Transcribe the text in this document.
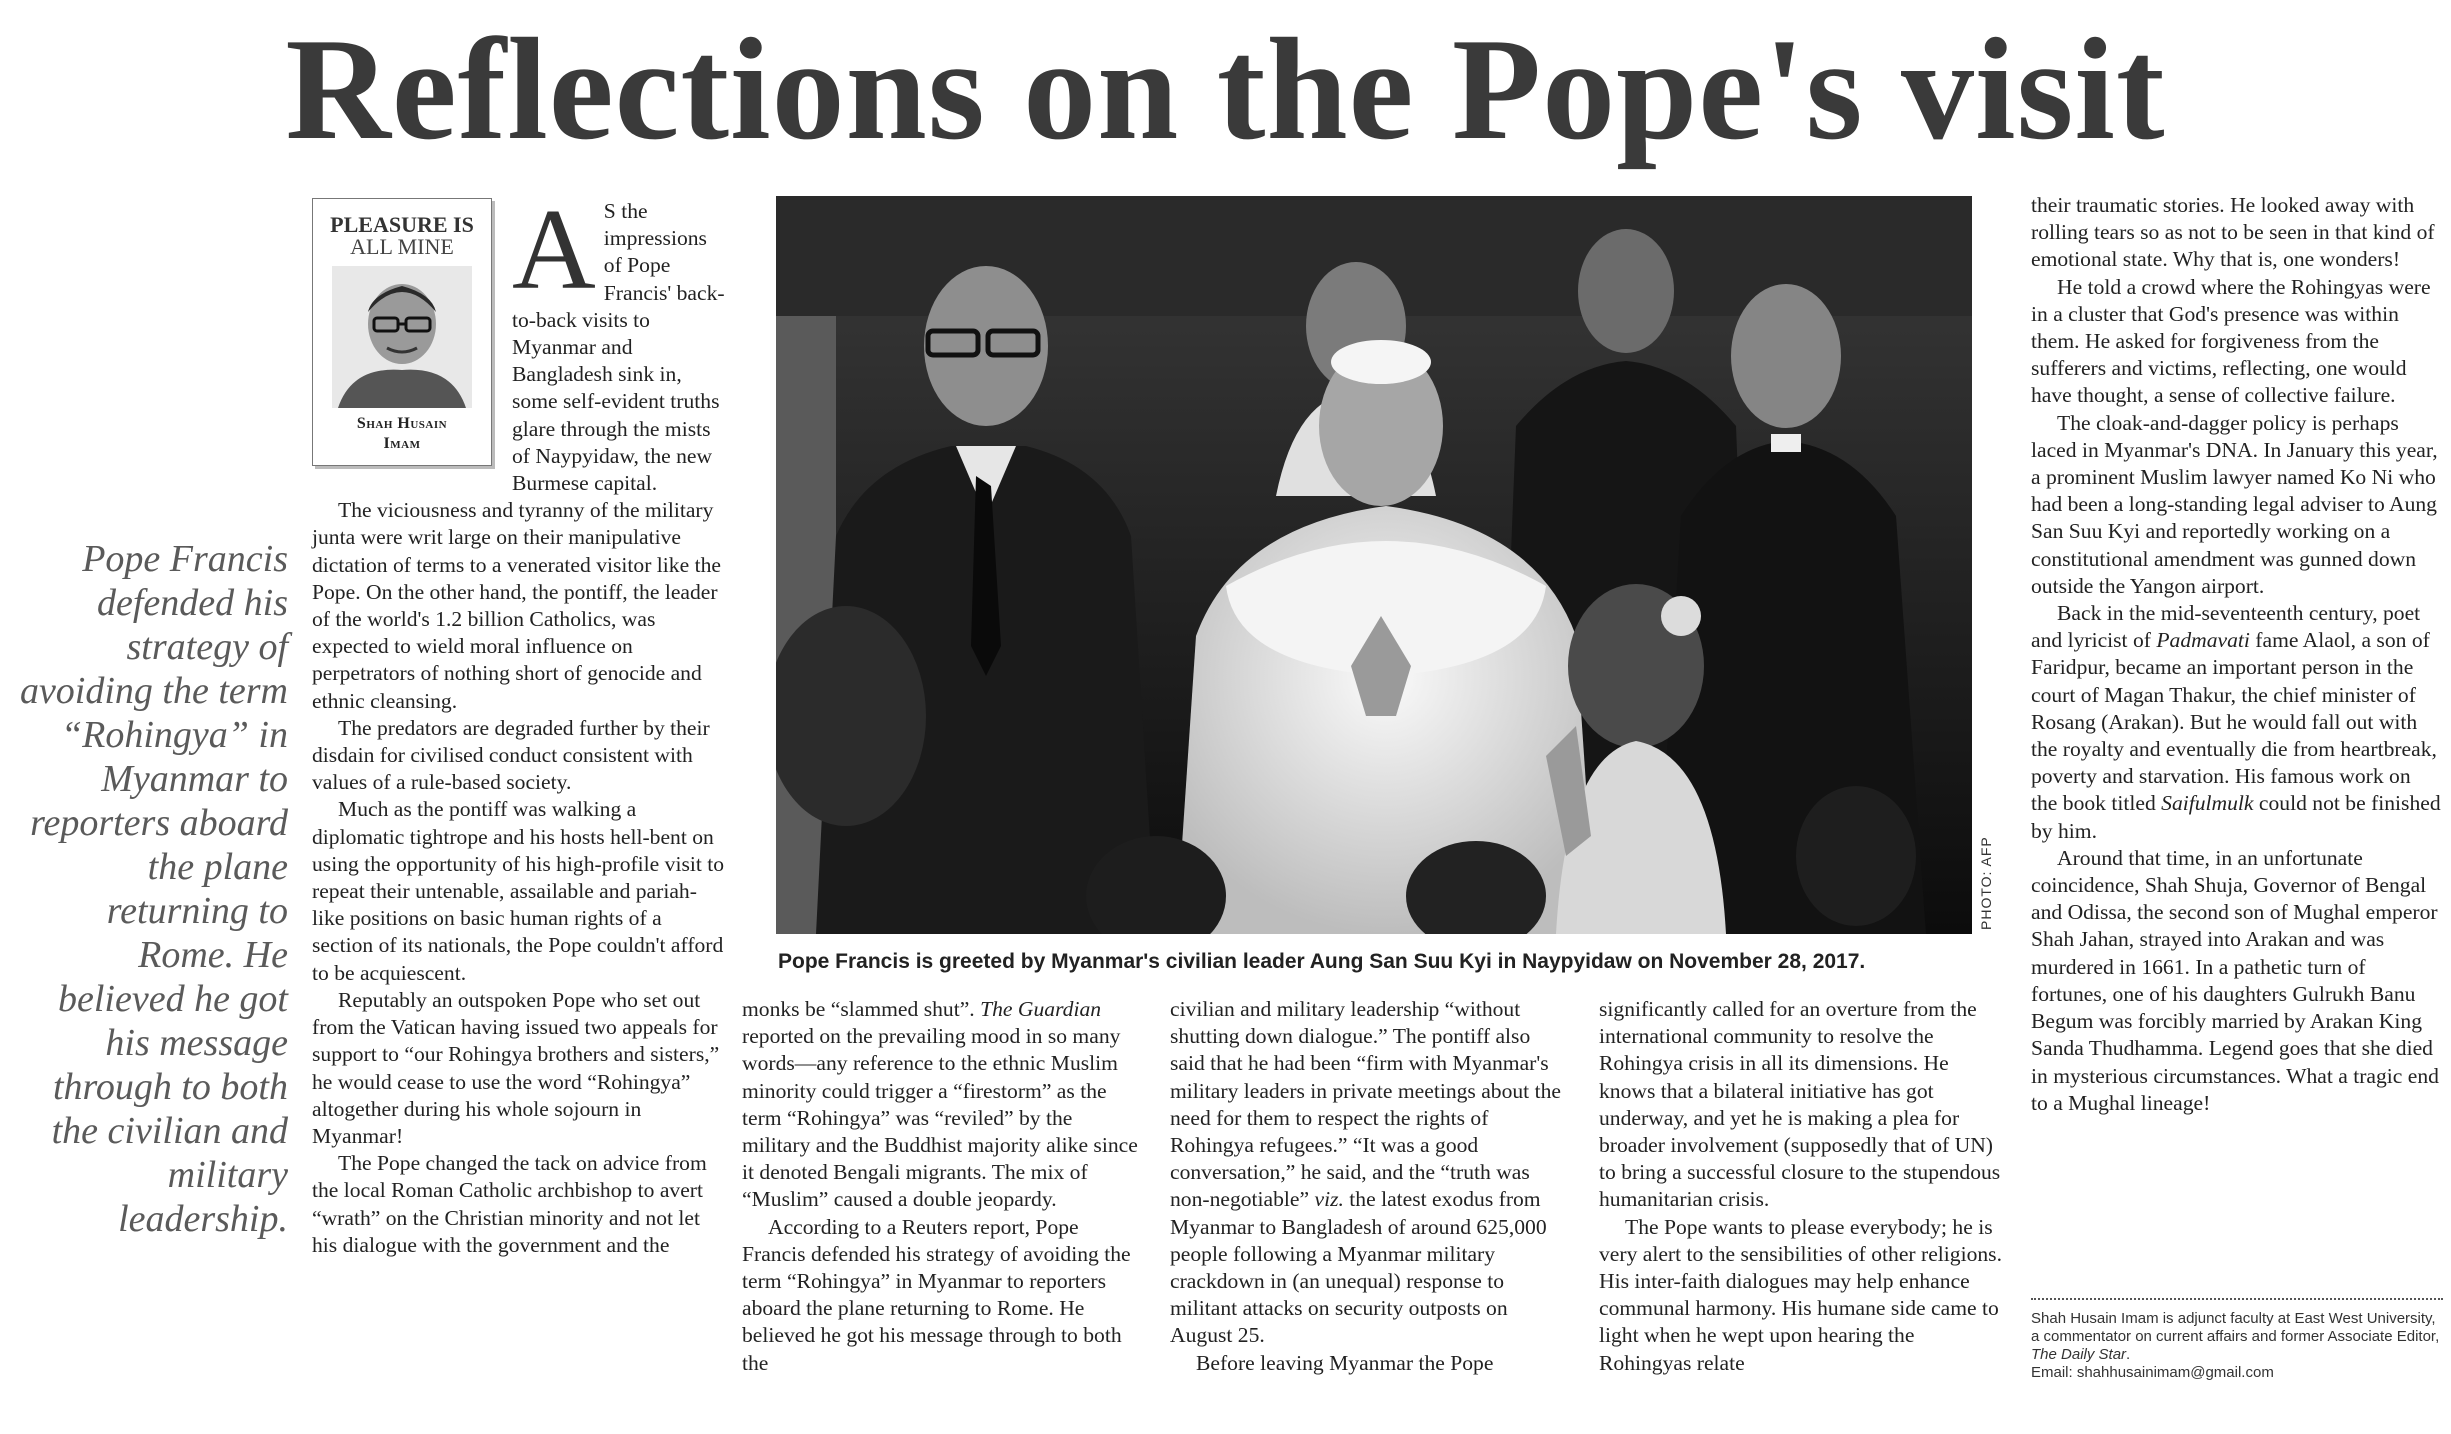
Reflections on the Pope's visit
PLEASURE IS
ALL MINE
Shah Husain
Imam
A S the impressions of Pope Francis' back-to-back visits to Myanmar and Bangladesh sink in, some self-evident truths glare through the mists of Naypyidaw, the new Burmese capital.

The viciousness and tyranny of the military junta were writ large on their manipulative dictation of terms to a venerated visitor like the Pope. On the other hand, the pontiff, the leader of the world's 1.2 billion Catholics, was expected to wield moral influence on perpetrators of nothing short of genocide and ethnic cleansing.

The predators are degraded further by their disdain for civilised conduct consistent with values of a rule-based society.

Much as the pontiff was walking a diplomatic tightrope and his hosts hell-bent on using the opportunity of his high-profile visit to repeat their untenable, assailable and pariah-like positions on basic human rights of a section of its nationals, the Pope couldn't afford to be acquiescent.

Reputably an outspoken Pope who set out from the Vatican having issued two appeals for support to “our Rohingya brothers and sisters,” he would cease to use the word “Rohingya” altogether during his whole sojourn in Myanmar!

The Pope changed the tack on advice from the local Roman Catholic archbishop to avert “wrath” on the Christian minority and not let his dialogue with the government and the

Pope Francis defended his strategy of avoiding the term “Rohingya” in Myanmar to reporters aboard the plane returning to Rome. He believed he got his message through to both the civilian and military leadership.
PHOTO: AFP
Pope Francis is greeted by Myanmar's civilian leader Aung San Suu Kyi in Naypyidaw on November 28, 2017.

monks be “slammed shut”. The Guardian reported on the prevailing mood in so many words—any reference to the ethnic Muslim minority could trigger a “firestorm” as the term “Rohingya” was “reviled” by the military and the Buddhist majority alike since it denoted Bengali migrants. The mix of “Muslim” caused a double jeopardy.

According to a Reuters report, Pope Francis defended his strategy of avoiding the term “Rohingya” in Myanmar to reporters aboard the plane returning to Rome. He believed he got his message through to both the

civilian and military leadership “without shutting down dialogue.” The pontiff also said that he had been “firm with Myanmar's military leaders in private meetings about the need for them to respect the rights of Rohingya refugees.” “It was a good conversation,” he said, and the “truth was non-negotiable” viz. the latest exodus from Myanmar to Bangladesh of around 625,000 people following a Myanmar military crackdown in (an unequal) response to militant attacks on security outposts on August 25.

Before leaving Myanmar the Pope

significantly called for an overture from the international community to resolve the Rohingya crisis in all its dimensions. He knows that a bilateral initiative has got underway, and yet he is making a plea for broader involvement (supposedly that of UN) to bring a successful closure to the stupendous humanitarian crisis.

The Pope wants to please everybody; he is very alert to the sensibilities of other religions. His inter-faith dialogues may help enhance communal harmony. His humane side came to light when he wept upon hearing the Rohingyas relate

their traumatic stories. He looked away with rolling tears so as not to be seen in that kind of emotional state. Why that is, one wonders!

He told a crowd where the Rohingyas were in a cluster that God's presence was within them. He asked for forgiveness from the sufferers and victims, reflecting, one would have thought, a sense of collective failure.

The cloak-and-dagger policy is perhaps laced in Myanmar's DNA. In January this year, a prominent Muslim lawyer named Ko Ni who had been a long-standing legal adviser to Aung San Suu Kyi and reportedly working on a constitutional amendment was gunned down outside the Yangon airport.

Back in the mid-seventeenth century, poet and lyricist of Padmavati fame Alaol, a son of Faridpur, became an important person in the court of Magan Thakur, the chief minister of Rosang (Arakan). But he would fall out with the royalty and eventually die from heartbreak, poverty and starvation. His famous work on the book titled Saifulmulk could not be finished by him.

Around that time, in an unfortunate coincidence, Shah Shuja, Governor of Bengal and Odissa, the second son of Mughal emperor Shah Jahan, strayed into Arakan and was murdered in 1661. In a pathetic turn of fortunes, one of his daughters Gulrukh Banu Begum was forcibly married by Arakan King Sanda Thudhamma. Legend goes that she died in mysterious circumstances. What a tragic end to a Mughal lineage!

Shah Husain Imam is adjunct faculty at East West University, a commentator on current affairs and former Associate Editor, The Daily Star.
Email: shahhusainimam@gmail.com
